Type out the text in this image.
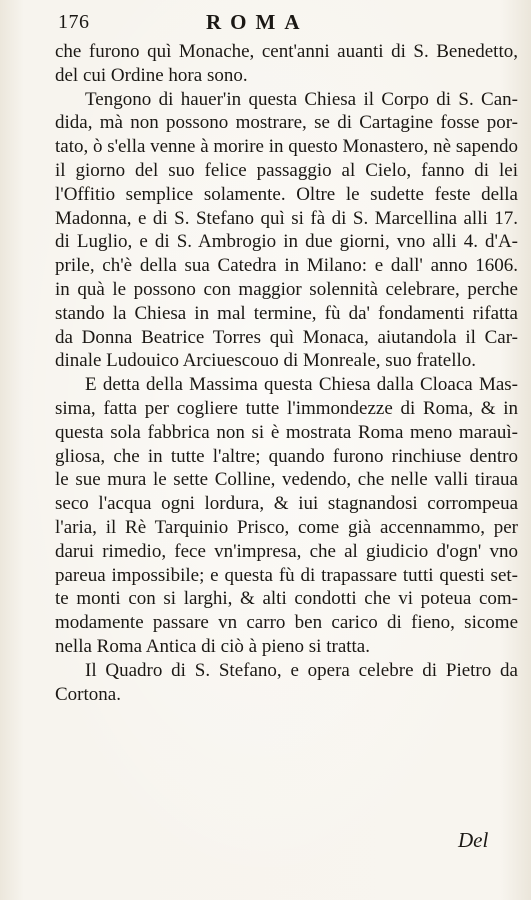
176	ROMA
che furono quì Monache, cent'anni auanti di S. Benedetto,
del cui Ordine hora sono.
Tengono di hauer'in questa Chiesa il Corpo di S. Can-
dida, mà non possono mostrare, se di Cartagine fosse por-
tato, ò s'ella venne à morire in questo Monastero, nè sapendo
il giorno del suo felice passaggio al Cielo, fanno di lei
l'Offitio semplice solamente. Oltre le sudette feste della
Madonna, e di S. Stefano quì si fà di S. Marcellina alli 17.
di Luglio, e di S. Ambrogio in due giorni, vno alli 4. d'A-
prile, ch'è della sua Catedra in Milano: e dall' anno 1606.
in quà le possono con maggior solennità celebrare, perche
stando la Chiesa in mal termine, fù da' fondamenti rifatta
da Donna Beatrice Torres quì Monaca, aiutandola il Car-
dinale Ludouico Arciuescouo di Monreale, suo fratello.
E detta della Massima questa Chiesa dalla Cloaca Mas-
sima, fatta per cogliere tutte l'immondezze di Roma, & in
questa sola fabbrica non si è mostrata Roma meno marauì-
gliosa, che in tutte l'altre; quando furono rinchiuse dentro
le sue mura le sette Colline, vedendo, che nelle valli tiraua
seco l'acqua ogni lordura, & iui stagnandosi corrompeua
l'aria, il Rè Tarquinio Prisco, come già accennammo, per
darui rimedio, fece vn'impresa, che al giudicio d'ogn' vno
pareua impossibile; e questa fù di trapassare tutti questi set-
te monti con si larghi, & alti condotti che vi poteua com-
modamente passare vn carro ben carico di fieno, sicome
nella Roma Antica di ciò à pieno si tratta.
Il Quadro di S. Stefano, e opera celebre di Pietro da
Cortona.
Del
